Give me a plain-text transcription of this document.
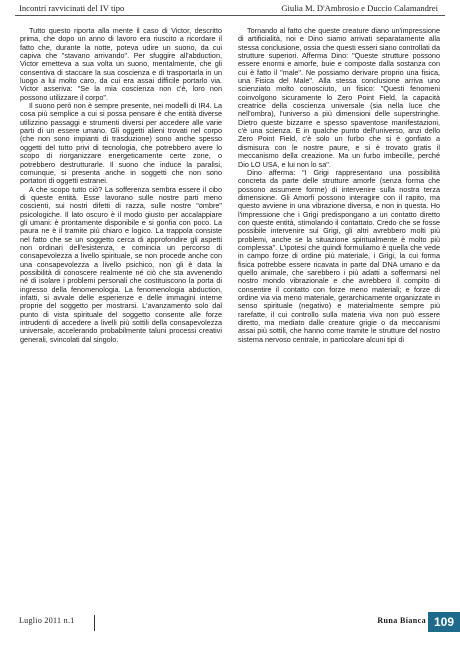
Incontri ravvicinati del IV tipo	Giulia M. D'Ambrosio e Duccio Calamandrei

Tutto questo riporta alla mente il caso di Victor, descritto prima, che dopo un anno di lavoro era riuscito a ricordare il fatto che, durante la notte, poteva udire un suono, da cui capiva che "stavano arrivando". Per sfuggire all'abduction, Victor emetteva a sua volta un suono, mentalmente, che gli consentiva di staccare la sua coscienza e di trasportarla in un luogo a lui molto caro, da cui era assai difficile portarlo via. Victor asseriva: "Se la mia coscienza non c'è, loro non possono utilizzare il corpo".

Il suono però non è sempre presente, nei modelli di IR4. La cosa più semplice a cui si possa pensare è che entità diverse utilizzino passaggi e strumenti diversi per accedere alle varie parti di un essere umano. Gli oggetti alieni trovati nel corpo (che non sono impianti di trasduzione) sono anche spesso oggetti del tutto privi di tecnologia, che potrebbero avere lo scopo di riorganizzare energeticamente certe zone, o potrebbero destrutturarle. Il suono che induce la paralisi, comunque, si presenta anche in soggetti che non sono portatori di oggetti estranei.

A che scopo tutto ciò? La sofferenza sembra essere il cibo di queste entità. Esse lavorano sulle nostre parti meno coscienti, sui nostri difetti di razza, sulle nostre "ombre" psicologiche. Il lato oscuro è il modo giusto per accalappiare gli umani: è prontamente disponibile e si gonfia con poco. La paura ne è il tramite più chiaro e logico. La trappola consiste nel fatto che se un soggetto cerca di approfondire gli aspetti non ordinari dell'esistenza, e comincia un percorso di consapevolezza a livello spirituale, se non procede anche con una consapevolezza a livello psichico, non gli è data la possibilità di conoscere realmente né ciò che sta avvenendo né di isolare i problemi personali che costituiscono la porta di ingresso della fenomenologia. La fenomenologia abduction, infatti, si avvale delle esperienze e delle immagini interne proprie del soggetto per mostrarsi. L'avanzamento solo dal punto di vista spirituale del soggetto consente alle forze intrudenti di accedere a livelli più sottili della consapevolezza universale, accelerando probabilmente taluni processi creativi generali, svincolati dal singolo.

Tornando al fatto che queste creature diano un'impressione di artificialità, noi e Dino siamo arrivati separatamente alla stessa conclusione, ossia che questi esseri siano controllati da strutture superiori. Afferma Dino: "Queste strutture possono essere enormi e amorfe, buie e composte dalla sostanza con cui è fatto il "male". Ne possiamo derivare proprio una fisica, una Fisica del Male". Alla stessa conclusione arriva uno scienziato molto conosciuto, un fisico: "Questi fenomeni coinvolgono sicuramente lo Zero Point Field, la capacità creatrice della coscienza universale (sia nella luce che nell'ombra), l'universo a più dimensioni delle superstringhe. Dietro queste bizzarre e spesso spaventose manifestazioni, c'è una scienza. E in qualche punto dell'universo, anzi dello Zero Point Field, c'è solo un furbo che si è gonfiato a dismisura con le nostre paure, e si è trovato gratis il meccanismo della creazione. Ma un furbo imbecille, perché Dio LO USA, e lui non lo sa".

Dino afferma: "I Grigi rappresentano una possibilità concreta da parte delle strutture amorfe (senza forma che possono assumere forme) di intervenire sulla nostra terza dimensione. Gli Amorfi possono interagire con il rapito, ma questo avviene in una vibrazione diversa, e non in questa. Ho l'impressione che i Grigi predispongano a un contatto diretto con queste entità, stimolando il contattato. Credo che se fosse possibile intervenire sui Grigi, gli altri avrebbero molti più problemi, anche se la situazione spiritualmente è molto più complessa". L'ipotesi che quindi formuliamo è quella che vede in campo forze di ordine più materiale, i Grigi, la cui forma fisica potrebbe essere ricavata in parte dal DNA umano e da quello animale, che sarebbero i più adatti a soffermarsi nel nostro mondo vibrazionale e che avrebbero il compito di consentire il contatto con forze meno materiali; e forze di ordine via via meno materiale, gerarchicamente organizzate in senso spirituale (negativo) e materialmente sempre più rarefatte, il cui controllo sulla materia viva non può essere diretto, ma mediato dalle creature grigie o da meccanismi assai più sottili, che hanno come tramite le strutture del nostro sistema nervoso centrale, in particolare alcuni tipi di

Luglio 2011 n.1	Runa Bianca 109
